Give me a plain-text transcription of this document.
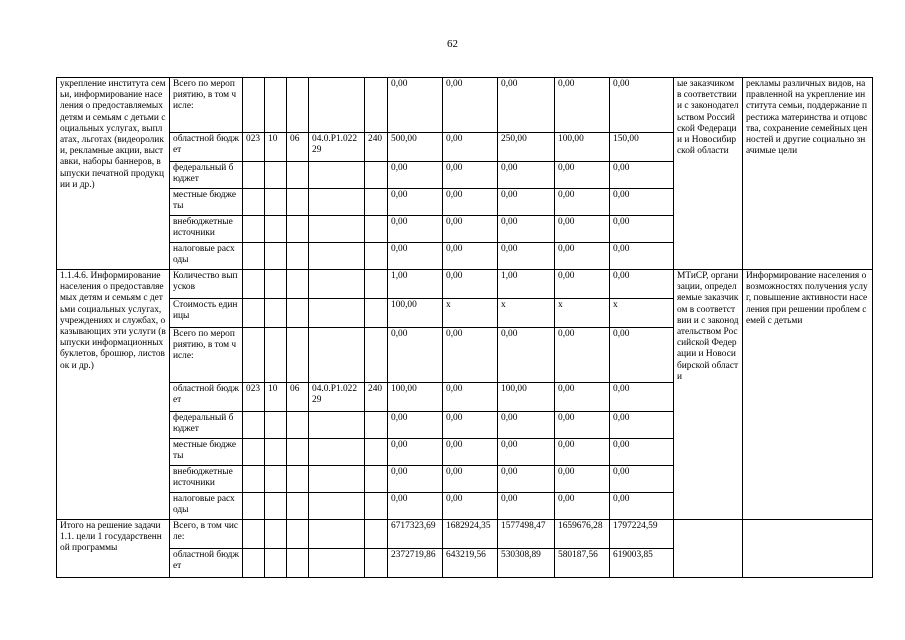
62
укрепление института семьи, информирование населения о предоставляемых детям и семьям с детьми социальных услугах, выплатах, льготах (видеоролики, рекламные акции, выставки, наборы баннеров, выпуски печатной продукции и др.)	Всего по мероприятию, в том числе:						0,00	0,00	0,00	0,00	0,00	ые заказчиком в соответствии и с законодательством Российской Федерации и Новосибирской области	рекламы различных видов, направленной на укрепление института семьи, поддержание престижа материнства и отцовства, сохранение семейных ценностей и другие социально значимые цели
	областной бюджет	023	10	06	04.0.Р1.02229	240	500,00	0,00	250,00	100,00	150,00		
	федеральный бюджет						0,00	0,00	0,00	0,00	0,00		
	местные бюджеты						0,00	0,00	0,00	0,00	0,00		
	внебюджетные источники						0,00	0,00	0,00	0,00	0,00		
	налоговые расходы						0,00	0,00	0,00	0,00	0,00		
1.1.4.6. Информирование населения о предоставляемых детям и семьям с детьми социальных услугах, учреждениях и службах, оказывающих эти услуги (выпуски информационных буклетов, брошюр, листовок и др.)	Количество выпусков						1,00	0,00	1,00	0,00	0,00	МТиСР, организации, определяемые заказчиком в соответствии и с законодательством Российской Федерации и Новосибирской области	Информирование населения о возможностях получения услуг, повышение активности населения при решении проблем семей с детьми
	Стоимость единицы						100,00	x	x	x	x		
	Всего по мероприятию, в том числе:						0,00	0,00	0,00	0,00	0,00		
	областной бюджет	023	10	06	04.0.Р1.02229	240	100,00	0,00	100,00	0,00	0,00		
	федеральный бюджет						0,00	0,00	0,00	0,00	0,00		
	местные бюджеты						0,00	0,00	0,00	0,00	0,00		
	внебюджетные источники						0,00	0,00	0,00	0,00	0,00		
	налоговые расходы						0,00	0,00	0,00	0,00	0,00		
Итого на решение задачи 1.1. цели 1 государственной программы	Всего, в том числе:						6717323,69	1682924,35	1577498,47	1659676,28	1797224,59		
	областной бюджет						2372719,86	643219,56	530308,89	580187,56	619003,85		
